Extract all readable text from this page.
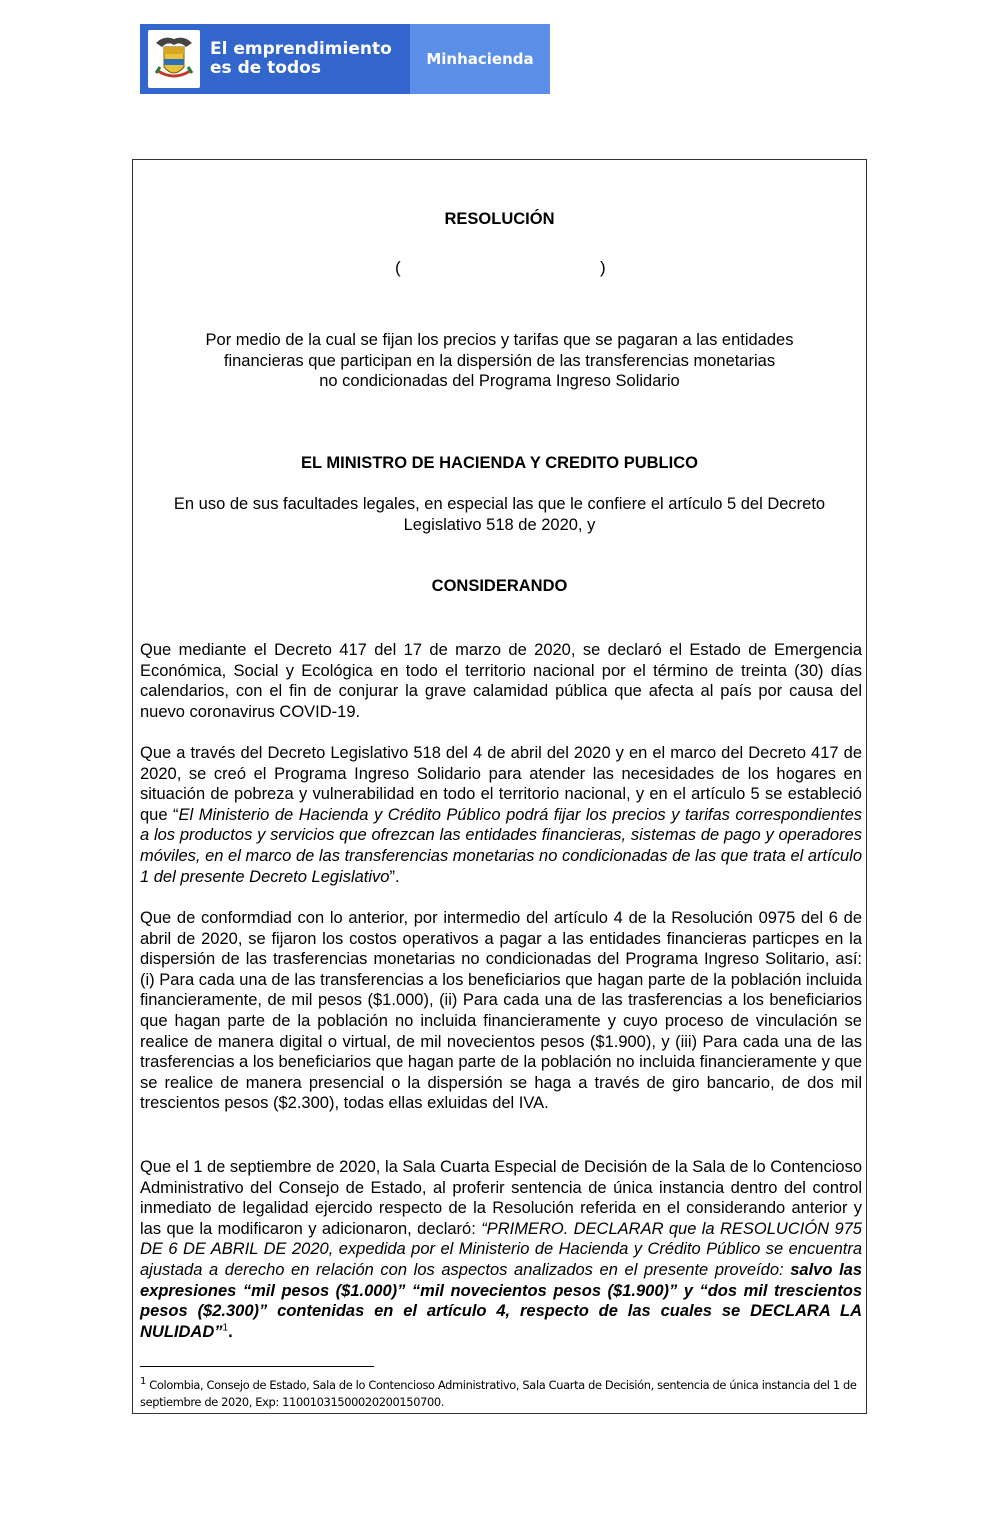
El emprendimiento
es de todos	Minhacienda
RESOLUCIÓN
(	)
Por medio de la cual se fijan los precios y tarifas que se pagaran a las entidades
financieras que participan en la dispersión de las transferencias monetarias
no condicionadas del Programa Ingreso Solidario
EL MINISTRO DE HACIENDA Y CREDITO PUBLICO
En uso de sus facultades legales, en especial las que le confiere el artículo 5 del Decreto
Legislativo 518 de 2020, y
CONSIDERANDO
Que mediante el Decreto 417 del 17 de marzo de 2020, se declaró el Estado de Emergencia Económica, Social y Ecológica en todo el territorio nacional por el término de treinta (30) días calendarios, con el fin de conjurar la grave calamidad pública que afecta al país por causa del nuevo coronavirus COVID-19.
Que a través del Decreto Legislativo 518 del 4 de abril del 2020 y en el marco del Decreto 417 de 2020, se creó el Programa Ingreso Solidario para atender las necesidades de los hogares en situación de pobreza y vulnerabilidad en todo el territorio nacional, y en el artículo 5 se estableció que “El Ministerio de Hacienda y Crédito Público podrá fijar los precios y tarifas correspondientes a los productos y servicios que ofrezcan las entidades financieras, sistemas de pago y operadores móviles, en el marco de las transferencias monetarias no condicionadas de las que trata el artículo 1 del presente Decreto Legislativo”.
Que de conformdiad con lo anterior, por intermedio del artículo 4 de la Resolución 0975 del 6 de abril de 2020, se fijaron los costos operativos a pagar a las entidades financieras particpes en la dispersión de las trasferencias monetarias no condicionadas del Programa Ingreso Solitario, así: (i) Para cada una de las transferencias a los beneficiarios que hagan parte de la población incluida financieramente, de mil pesos ($1.000), (ii) Para cada una de las trasferencias a los beneficiarios que hagan parte de la población no incluida financieramente y cuyo proceso de vinculación se realice de manera digital o virtual, de mil novecientos pesos ($1.900), y (iii) Para cada una de las trasferencias a los beneficiarios que hagan parte de la población no incluida financieramente y que se realice de manera presencial o la dispersión se haga a través de giro bancario, de dos mil trescientos pesos ($2.300), todas ellas exluidas del IVA.
Que el 1 de septiembre de 2020, la Sala Cuarta Especial de Decisión de la Sala de lo Contencioso Administrativo del Consejo de Estado, al proferir sentencia de única instancia dentro del control inmediato de legalidad ejercido respecto de la Resolución referida en el considerando anterior y las que la modificaron y adicionaron, declaró: “PRIMERO. DECLARAR que la RESOLUCIÓN 975 DE 6 DE ABRIL DE 2020, expedida por el Ministerio de Hacienda y Crédito Público se encuentra ajustada a derecho en relación con los aspectos analizados en el presente proveído: salvo las expresiones “mil pesos ($1.000)” “mil novecientos pesos ($1.900)” y “dos mil trescientos pesos ($2.300)” contenidas en el artículo 4, respecto de las cuales se DECLARA LA NULIDAD”$^1$.
$^1$ Colombia, Consejo de Estado, Sala de lo Contencioso Administrativo, Sala Cuarta de Decisión, sentencia de única instancia del 1 de septiembre de 2020, Exp: 11001031500020200150700.
